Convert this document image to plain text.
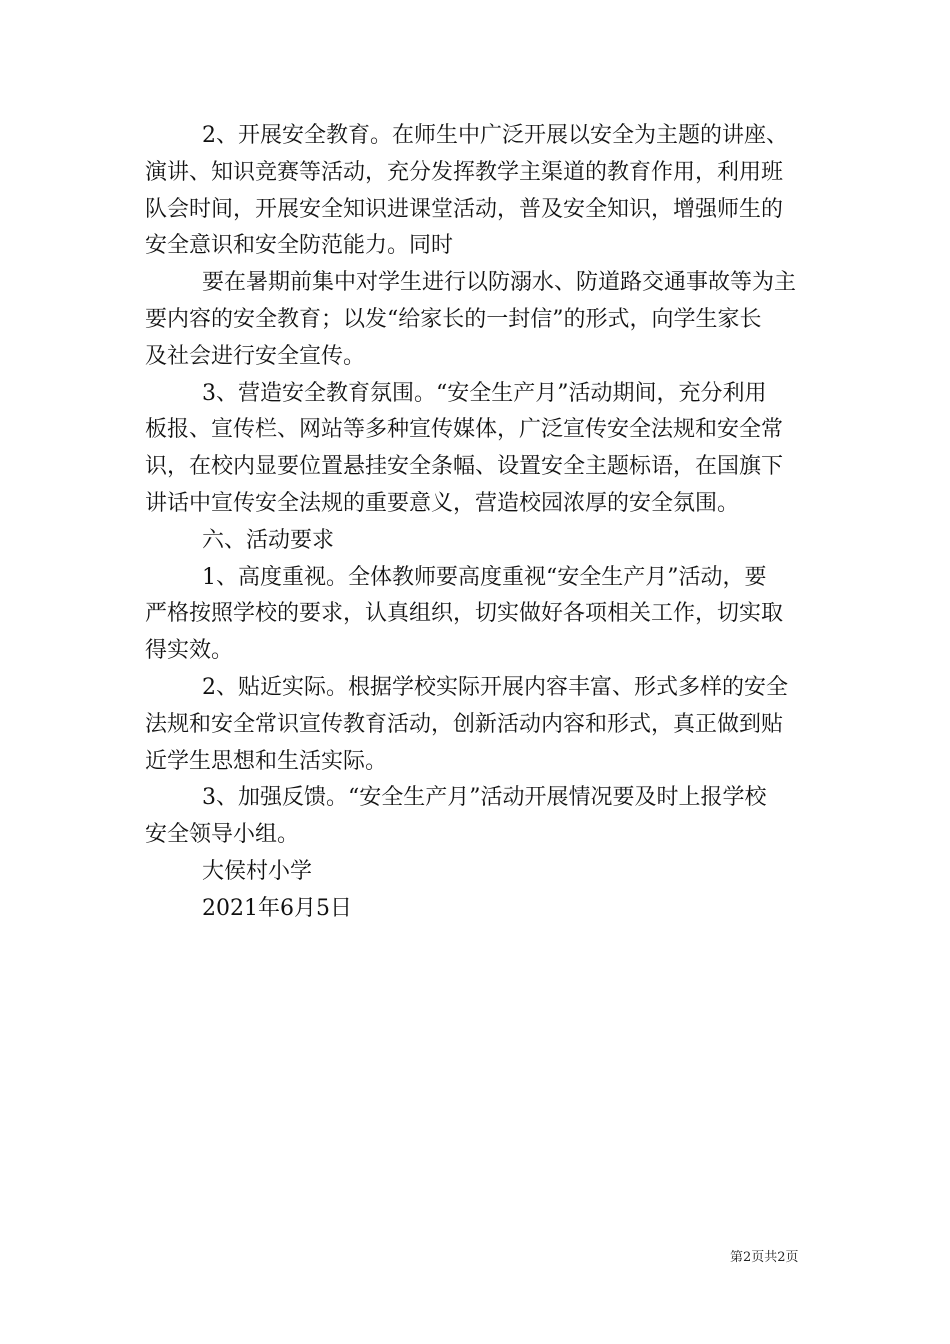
2、开展安全教育。在师生中广泛开展以安全为主题的讲座、
演讲、知识竞赛等活动，充分发挥教学主渠道的教育作用，利用班
队会时间，开展安全知识进课堂活动，普及安全知识，增强师生的
安全意识和安全防范能力。同时
要在暑期前集中对学生进行以防溺水、防道路交通事故等为主
要内容的安全教育；以发“给家长的一封信”的形式，向学生家长
及社会进行安全宣传。
3、营造安全教育氛围。“安全生产月”活动期间，充分利用
板报、宣传栏、网站等多种宣传媒体，广泛宣传安全法规和安全常
识，在校内显要位置悬挂安全条幅、设置安全主题标语，在国旗下
讲话中宣传安全法规的重要意义，营造校园浓厚的安全氛围。
六、活动要求
1、高度重视。全体教师要高度重视“安全生产月”活动，要
严格按照学校的要求，认真组织，切实做好各项相关工作，切实取
得实效。
2、贴近实际。根据学校实际开展内容丰富、形式多样的安全
法规和安全常识宣传教育活动，创新活动内容和形式，真正做到贴
近学生思想和生活实际。
3、加强反馈。“安全生产月”活动开展情况要及时上报学校
安全领导小组。
大侯村小学
2021年6月5日
第2页共2页
